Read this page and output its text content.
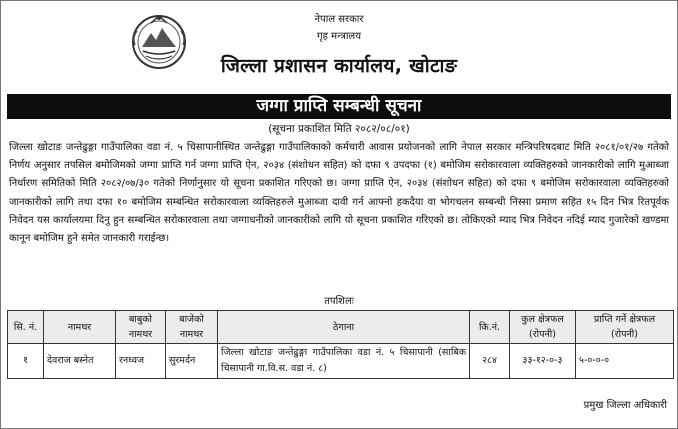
नेपाल सरकार
गृह मन्त्रालय
जिल्ला प्रशासन कार्यालय, खोटाङ
जग्गा प्राप्ति सम्बन्धी सूचना
(सूचना प्रकाशित मिति २०८२/०८/०१)
जिल्ला खोटाङ जन्तेढुङ्गा गाउँपालिका वडा नं. ५ चिसापानीस्थित जन्तेढुङ्गा गाउँपालिकाको कर्मचारी आवास प्रयोजनको लागि नेपाल सरकार मन्त्रिपरिषदबाट मिति २०८१/०१/२७ गतेको निर्णय अनुसार तपसिल बमोजिमको जग्गा प्राप्ति गर्न जग्गा प्राप्ति ऐन, २०३४ (संशोधन सहित) को दफा ९ उपदफा (१) बमोजिम सरोकारवाला व्यक्तिहरुको जानकारीको लागि मुआब्जा निर्धारण समितिको मिति २०८२/०७/३० गतेको निर्णानुसार यो सूचना प्रकाशित गरिएको छ। जग्गा प्राप्ति ऐन, २०३४ (संशोधन सहित) को दफा ९ बमोजिम सरोकारवाला व्यक्तिहरुको जानकारीको लागि तथा दफा १० बमोजिम सम्बन्धित सरोकारवाला व्यक्तिहरुले मुआब्जा दावी गर्न आफ्नो हकदैया वा भोगचलन सम्बन्धी निस्सा प्रमाण सहित १५ दिन भित्र रितपूर्वक निवेदन यस कार्यालयमा दिनु हुन सम्बन्धित सरोकारवाला तथा जग्गाधनीको जानकारीको लागि यो सूचना प्रकाशित गरिएको छ। तोकिएको म्याद भित्र निवेदन नदिई म्याद गुजारेको खण्डमा कानून बमोजिम हुने समेत जानकारी गराईन्छ।
तपशिलः
सि. नं.	नामथर	बाबुको नामथर	बाजेको नामथर	ठेगाना	कि.नं.	कुल क्षेत्रफल (रोपनी)	प्राप्ति गर्ने क्षेत्रफल (रोपनी)
१	देवराज बस्नेत	रनध्वज	सुरमर्दन	जिल्ला खोटाङ जन्तेढुङ्गा गाउँपालिका वडा नं. ५ चिसापानी (साबिक चिसापानी गा.वि.स. वडा नं. ८)	२८४	३३-१२-०-३	५-०-०-०
प्रमुख जिल्ला अधिकारी
